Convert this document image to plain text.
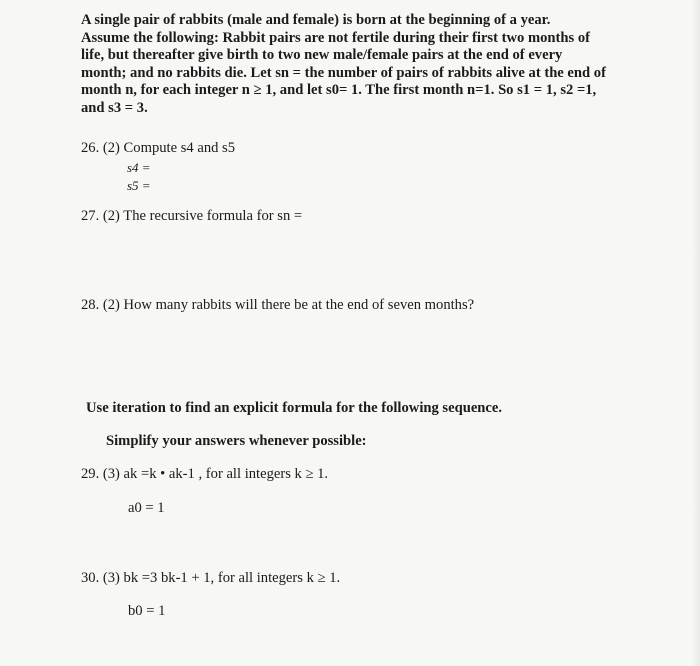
A single pair of rabbits (male and female) is born at the beginning of a year.
Assume the following: Rabbit pairs are not fertile during their first two months of
life, but thereafter give birth to two new male/female pairs at the end of every
month; and no rabbits die. Let sn = the number of pairs of rabbits alive at the end of
month n, for each integer n ≥ 1, and let s0= 1. The first month n=1. So s1 = 1, s2 =1,
and s3 = 3.
26. (2) Compute s4 and s5
s4 =
s5 =
27. (2) The recursive formula for sn =
28. (2) How many rabbits will there be at the end of seven months?
Use iteration to find an explicit formula for the following sequence.
Simplify your answers whenever possible:
29. (3) ak =k • ak-1 , for all integers k ≥ 1.
a0 = 1
30. (3) bk =3 bk-1 + 1, for all integers k ≥ 1.
b0 = 1
